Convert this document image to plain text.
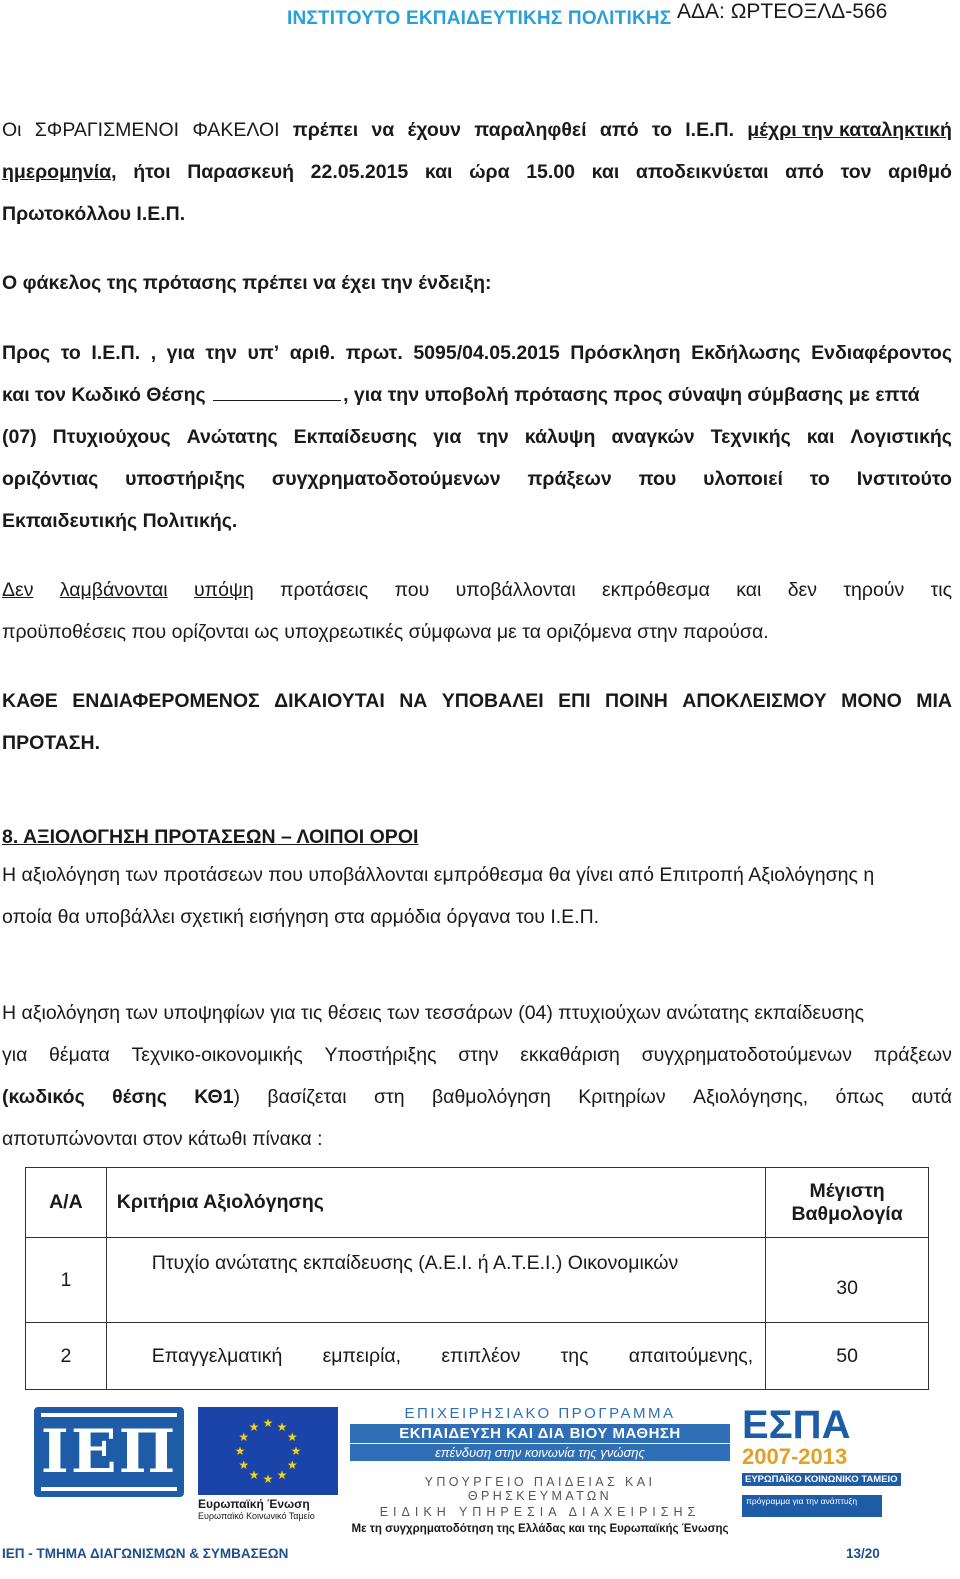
ΙΝΣΤΙΤΟΥΤΟ ΕΚΠΑΙΔΕΥΤΙΚΗΣ ΠΟΛΙΤΙΚΗΣ ΑΔΑ: ΩΡΤΕΟΞΛΔ-566
Οι ΣΦΡΑΓΙΣΜΕΝΟΙ ΦΑΚΕΛΟΙ πρέπει να έχουν παραληφθεί από το Ι.Ε.Π. μέχρι την καταληκτική
ημερομηνία, ήτοι Παρασκευή 22.05.2015 και ώρα 15.00 και αποδεικνύεται από τον αριθμό
Πρωτοκόλλου Ι.Ε.Π.
Ο φάκελος της πρότασης πρέπει να έχει την ένδειξη:
Προς το Ι.Ε.Π. , για την υπ’ αριθ. πρωτ. 5095/04.05.2015 Πρόσκληση Εκδήλωσης Ενδιαφέροντος
και τον Κωδικό Θέσης	, για την υποβολή πρότασης προς σύναψη σύμβασης με επτά
(07) Πτυχιούχους Ανώτατης Εκπαίδευσης για την κάλυψη αναγκών Τεχνικής και Λογιστικής
οριζόντιας υποστήριξης συγχρηματοδοτούμενων πράξεων που υλοποιεί το Ινστιτούτο
Εκπαιδευτικής Πολιτικής.
Δεν λαμβάνονται υπόψη προτάσεις που υποβάλλονται εκπρόθεσμα και δεν τηρούν τις
προϋποθέσεις που ορίζονται ως υποχρεωτικές σύμφωνα με τα οριζόμενα στην παρούσα.
ΚΑΘΕ ΕΝΔΙΑΦΕΡΟΜΕΝΟΣ ΔΙΚΑΙΟΥΤΑΙ ΝΑ ΥΠΟΒΑΛΕΙ ΕΠΙ ΠΟΙΝΗ ΑΠΟΚΛΕΙΣΜΟΥ ΜΟΝΟ ΜΙΑ
ΠΡΟΤΑΣΗ.
8. ΑΞΙΟΛΟΓΗΣΗ ΠΡΟΤΑΣΕΩΝ – ΛΟΙΠΟΙ ΟΡΟΙ
Η αξιολόγηση των προτάσεων που υποβάλλονται εμπρόθεσμα θα γίνει από Επιτροπή Αξιολόγησης η
οποία θα υποβάλλει σχετική εισήγηση στα αρμόδια όργανα του Ι.Ε.Π.
Η αξιολόγηση των υποψηφίων για τις θέσεις των τεσσάρων (04) πτυχιούχων ανώτατης εκπαίδευσης
για θέματα Τεχνικο-οικονομικής Υποστήριξης στην εκκαθάριση συγχρηματοδοτούμενων πράξεων
(κωδικός θέσης ΚΘ1) βασίζεται στη βαθμολόγηση Κριτηρίων Αξιολόγησης, όπως αυτά
αποτυπώνονται στον κάτωθι πίνακα :
Α/Α	Κριτήρια Αξιολόγησης	Μέγιστη
Βαθμολογία

1	Πτυχίο ανώτατης εκπαίδευσης (Α.Ε.Ι. ή Α.Τ.Ε.Ι.) Οικονομικών	30
2	Επαγγελματική εμπειρία, επιπλέον της απαιτούμενης,	50
ΙΕΠ	★ ★
★
★
★
★
★
★
★
★
★
★
Ευρωπαϊκή Ένωση
Ευρωπαϊκό Κοινωνικό Ταμείο
ΕΠΙΧΕΙΡΗΣΙΑΚΟ ΠΡΟΓΡΑΜΜΑ
ΕΚΠΑΙΔΕΥΣΗ ΚΑΙ ΔΙΑ ΒΙΟΥ ΜΑΘΗΣΗ
επένδυση στην κοινωνία της γνώσης
ΥΠΟΥΡΓΕΙΟ ΠΑΙΔΕΙΑΣ ΚΑΙ ΘΡΗΣΚΕΥΜΑΤΩΝ
ΕΙΔΙΚΗ ΥΠΗΡΕΣΙΑ ΔΙΑΧΕΙΡΙΣΗΣ
Με τη συγχρηματοδότηση της Ελλάδας και της Ευρωπαϊκής Ένωσης
ΕΣΠΑ
2007-2013
ΕΥΡΩΠΑΪΚΟ ΚΟΙΝΩΝΙΚΟ ΤΑΜΕΙΟ
πρόγραμμα για την ανάπτυξη
ΙΕΠ - ΤΜΗΜΑ ΔΙΑΓΩΝΙΣΜΩΝ & ΣΥΜΒΑΣΕΩΝ	13/20
